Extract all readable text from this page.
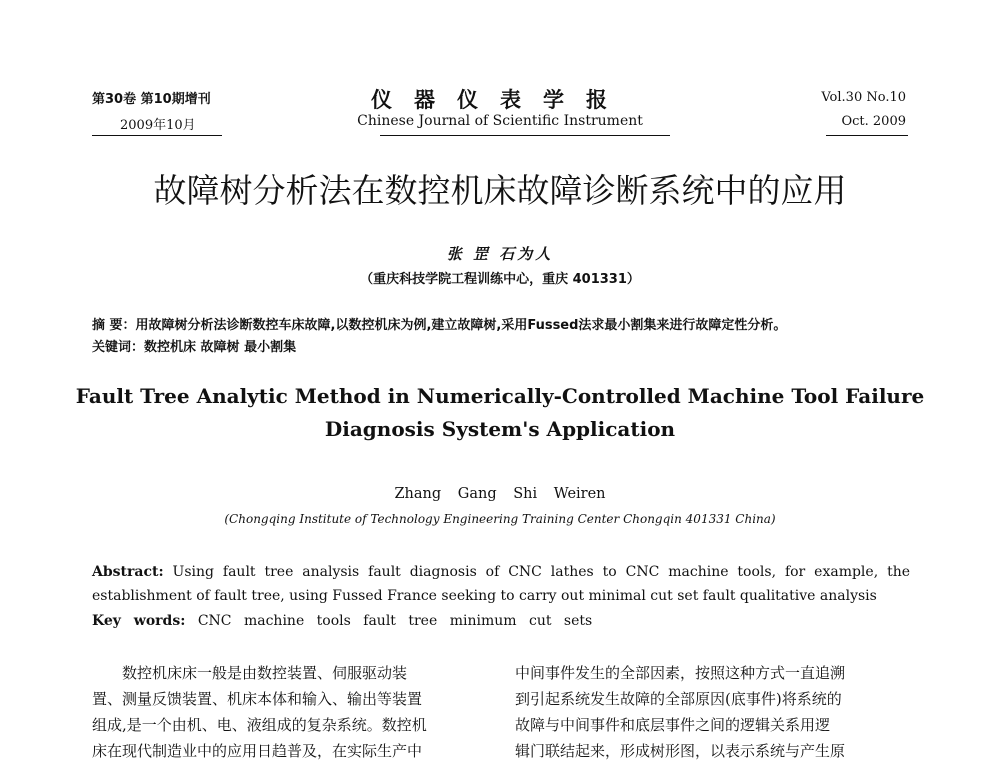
第30卷 第10期增刊
2009年10月
仪器仪表学报
Chinese Journal of Scientific Instrument
Vol.30 No.10
Oct. 2009
故障树分析法在数控机床故障诊断系统中的应用
张 罡 石为人
（重庆科技学院工程训练中心，重庆 401331）
摘 要：用故障树分析法诊断数控车床故障,以数控机床为例,建立故障树,采用Fussed法求最小割集来进行故障定性分析。
关键词：数控机床 故障树 最小割集
Fault Tree Analytic Method in Numerically-Controlled Machine Tool Failure Diagnosis System's Application
Zhang Gang Shi Weiren
(Chongqing Institute of Technology Engineering Training Center Chongqin 401331 China)
Abstract: Using fault tree analysis fault diagnosis of CNC lathes to CNC machine tools, for example, the establishment of fault tree, using Fussed France seeking to carry out minimal cut set fault qualitative analysis
Key words: CNC machine tools fault tree minimum cut sets
数控机床床一般是由数控装置、伺服驱动装
置、测量反馈装置、机床本体和输入、输出等装置
组成,是一个由机、电、液组成的复杂系统。数控机
床在现代制造业中的应用日趋普及，在实际生产中
中间事件发生的全部因素，按照这种方式一直追溯
到引起系统发生故障的全部原因(底事件)将系统的
故障与中间事件和底层事件之间的逻辑关系用逻
辑门联结起来，形成树形图，以表示系统与产生原
